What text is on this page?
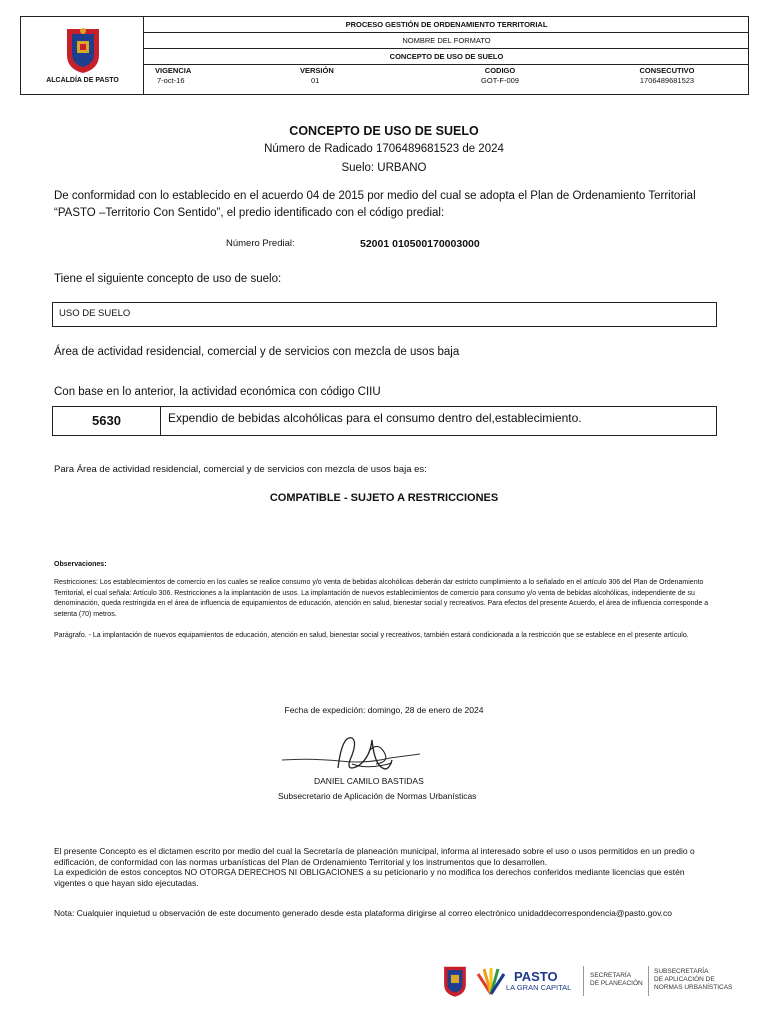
ALCALDÍA DE PASTO
PROCESO GESTIÓN DE ORDENAMIENTO TERRITORIAL
NOMBRE DEL FORMATO
CONCEPTO DE USO DE SUELO
VIGENCIA
7-oct-16
VERSIÓN
01
CODIGO
GOT-F-009
CONSECUTIVO
1706489681523
CONCEPTO DE USO DE SUELO
Número de Radicado 1706489681523 de 2024
Suelo: URBANO
De conformidad con lo establecido en el acuerdo 04 de 2015 por medio del cual se adopta el Plan de Ordenamiento Territorial “PASTO –Territorio Con Sentido”, el predio identificado con el código predial:
Número Predial:	52001 010500170003000
Tiene el siguiente concepto de uso de suelo:
USO DE SUELO
Área de actividad residencial, comercial y de servicios con mezcla de usos baja
Con base en lo anterior, la actividad económica con código CIIU
5630	Expendio de bebidas alcohólicas para el consumo dentro del,establecimiento.
Para Área de actividad residencial, comercial y de servicios con mezcla de usos baja es:
COMPATIBLE - SUJETO A RESTRICCIONES
Observaciones:
Restricciones: Los establecimientos de comercio en los cuales se realice consumo y/o venta de bebidas alcohólicas deberán dar estricto cumplimiento a lo señalado en el artículo 306 del Plan de Ordenamiento Territorial, el cual señala: Artículo 306. Restricciones a la implantación de usos. La implantación de nuevos establecimientos de comercio para consumo y/o venta de bebidas alcohólicas, independiente de su denominación, queda restringida en el área de influencia de equipamientos de educación, atención en salud, bienestar social y recreativos. Para efectos del presente Acuerdo, el área de influencia corresponde a setenta (70) metros.
Parágrafo. - La implantación de nuevos equipamientos de educación, atención en salud, bienestar social y recreativos, también estará condicionada a la restricción que se establece en el presente artículo.
Fecha de expedición: domingo, 28 de enero de 2024
DANIEL CAMILO BASTIDAS
Subsecretario de Aplicación de Normas Urbanísticas
El presente Concepto es el dictamen escrito por medio del cual la Secretaría de planeación municipal, informa al interesado sobre el uso o usos permitidos en un predio o edificación, de conformidad con las normas urbanísticas del Plan de Ordenamiento Territorial y los instrumentos que lo desarrollen.
La expedición de estos conceptos NO OTORGA DERECHOS NI OBLIGACIONES a su peticionario y no modifica los derechos conferidos mediante licencias que estén vigentes o que hayan sido ejecutadas.
Nota: Cualquier inquietud u observación de este documento generado desde esta plataforma dirigirse al correo electrónico unidaddecorrespondencia@pasto.gov.co
PASTO
LA GRAN CAPITAL
SECRETARÍA
DE PLANEACIÓN
SUBSECRETARÍA
DE APLICACIÓN DE
NORMAS URBANÍSTICAS
